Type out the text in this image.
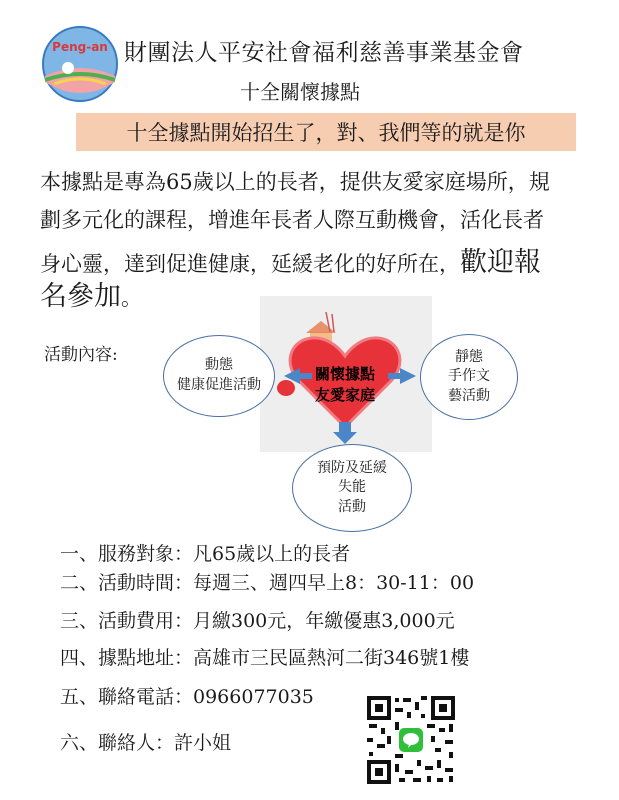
Peng-an 財團法人平安社會福利慈善事業基金會
十全關懷據點
十全據點開始招生了，對、我們等的就是你
本據點是專為65歲以上的長者，提供友愛家庭場所，規
劃多元化的課程，增進年長者人際互動機會，活化長者
身心靈，達到促進健康，延緩老化的好所在，歡迎報
名參加。
活動內容:
關懷據點
友愛家庭
動態
健康促進活動
靜態
手作文
藝活動
預防及延緩
失能
活動
一、服務對象：凡65歲以上的長者
二、活動時間：每週三、週四早上8：30-11：00
三、活動費用：月繳300元，年繳優惠3,000元
四、據點地址：高雄市三民區熱河二街346號1樓
五、聯絡電話：0966077035
六、聯絡人：許小姐
